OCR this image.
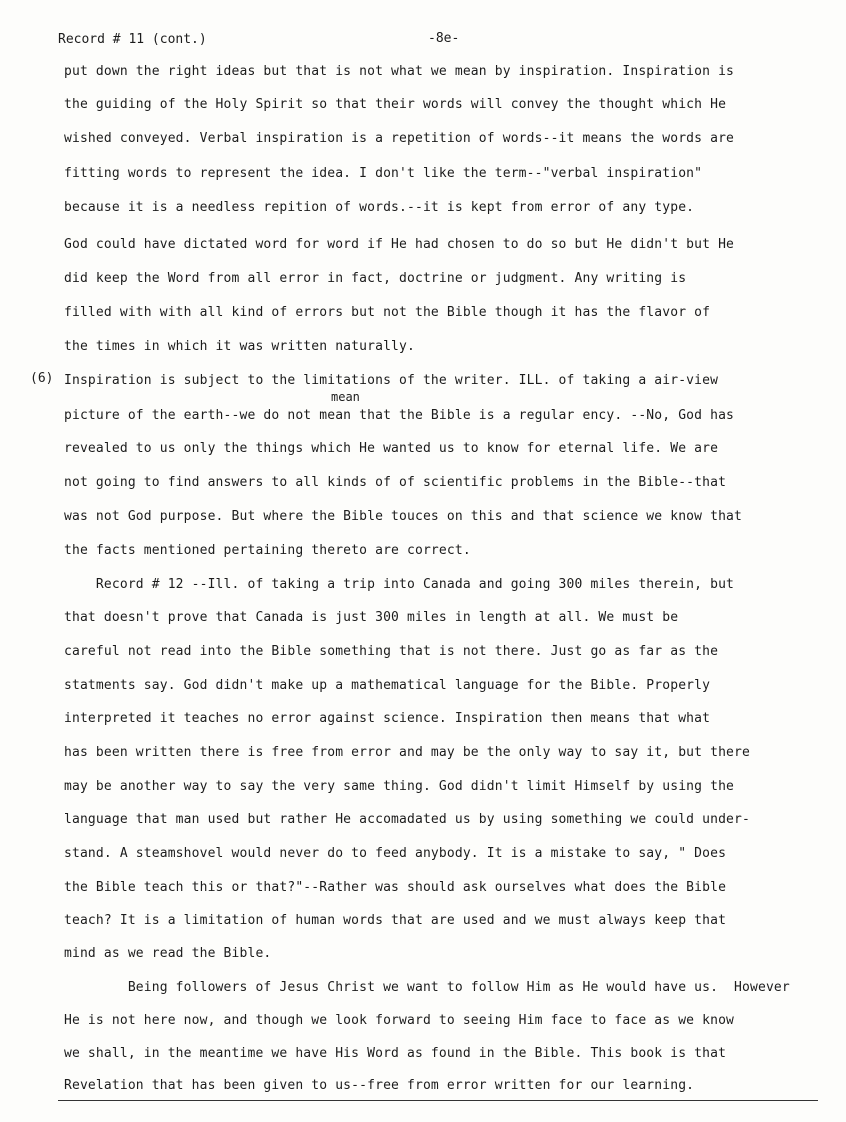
Record # 11 (cont.)	-8e-
(6)
mean
put down the right ideas but that is not what we mean by inspiration. Inspiration is
the guiding of the Holy Spirit so that their words will convey the thought which He
wished conveyed. Verbal inspiration is a repetition of words--it means the words are
fitting words to represent the idea. I don't like the term--"verbal inspiration"
because it is a needless repition of words.--it is kept from error of any type.
God could have dictated word for word if He had chosen to do so but He didn't but He
did keep the Word from all error in fact, doctrine or judgment. Any writing is
filled with with all kind of errors but not the Bible though it has the flavor of
the times in which it was written naturally.
Inspiration is subject to the limitations of the writer. ILL. of taking a air-view
picture of the earth--we do not mean that the Bible is a regular ency. --No, God has
revealed to us only the things which He wanted us to know for eternal life. We are
not going to find answers to all kinds of of scientific problems in the Bible--that
was not God purpose. But where the Bible touces on this and that science we know that
the facts mentioned pertaining thereto are correct.
Record # 12 --Ill. of taking a trip into Canada and going 300 miles therein, but
that doesn't prove that Canada is just 300 miles in length at all. We must be
careful not read into the Bible something that is not there. Just go as far as the
statments say. God didn't make up a mathematical language for the Bible. Properly
interpreted it teaches no error against science. Inspiration then means that what
has been written there is free from error and may be the only way to say it, but there
may be another way to say the very same thing. God didn't limit Himself by using the
language that man used but rather He accomadated us by using something we could under-
stand. A steamshovel would never do to feed anybody. It is a mistake to say, " Does
the Bible teach this or that?"--Rather was should ask ourselves what does the Bible
teach? It is a limitation of human words that are used and we must always keep that
mind as we read the Bible.
Being followers of Jesus Christ we want to follow Him as He would have us.  However
He is not here now, and though we look forward to seeing Him face to face as we know
we shall, in the meantime we have His Word as found in the Bible. This book is that
Revelation that has been given to us--free from error written for our learning.
